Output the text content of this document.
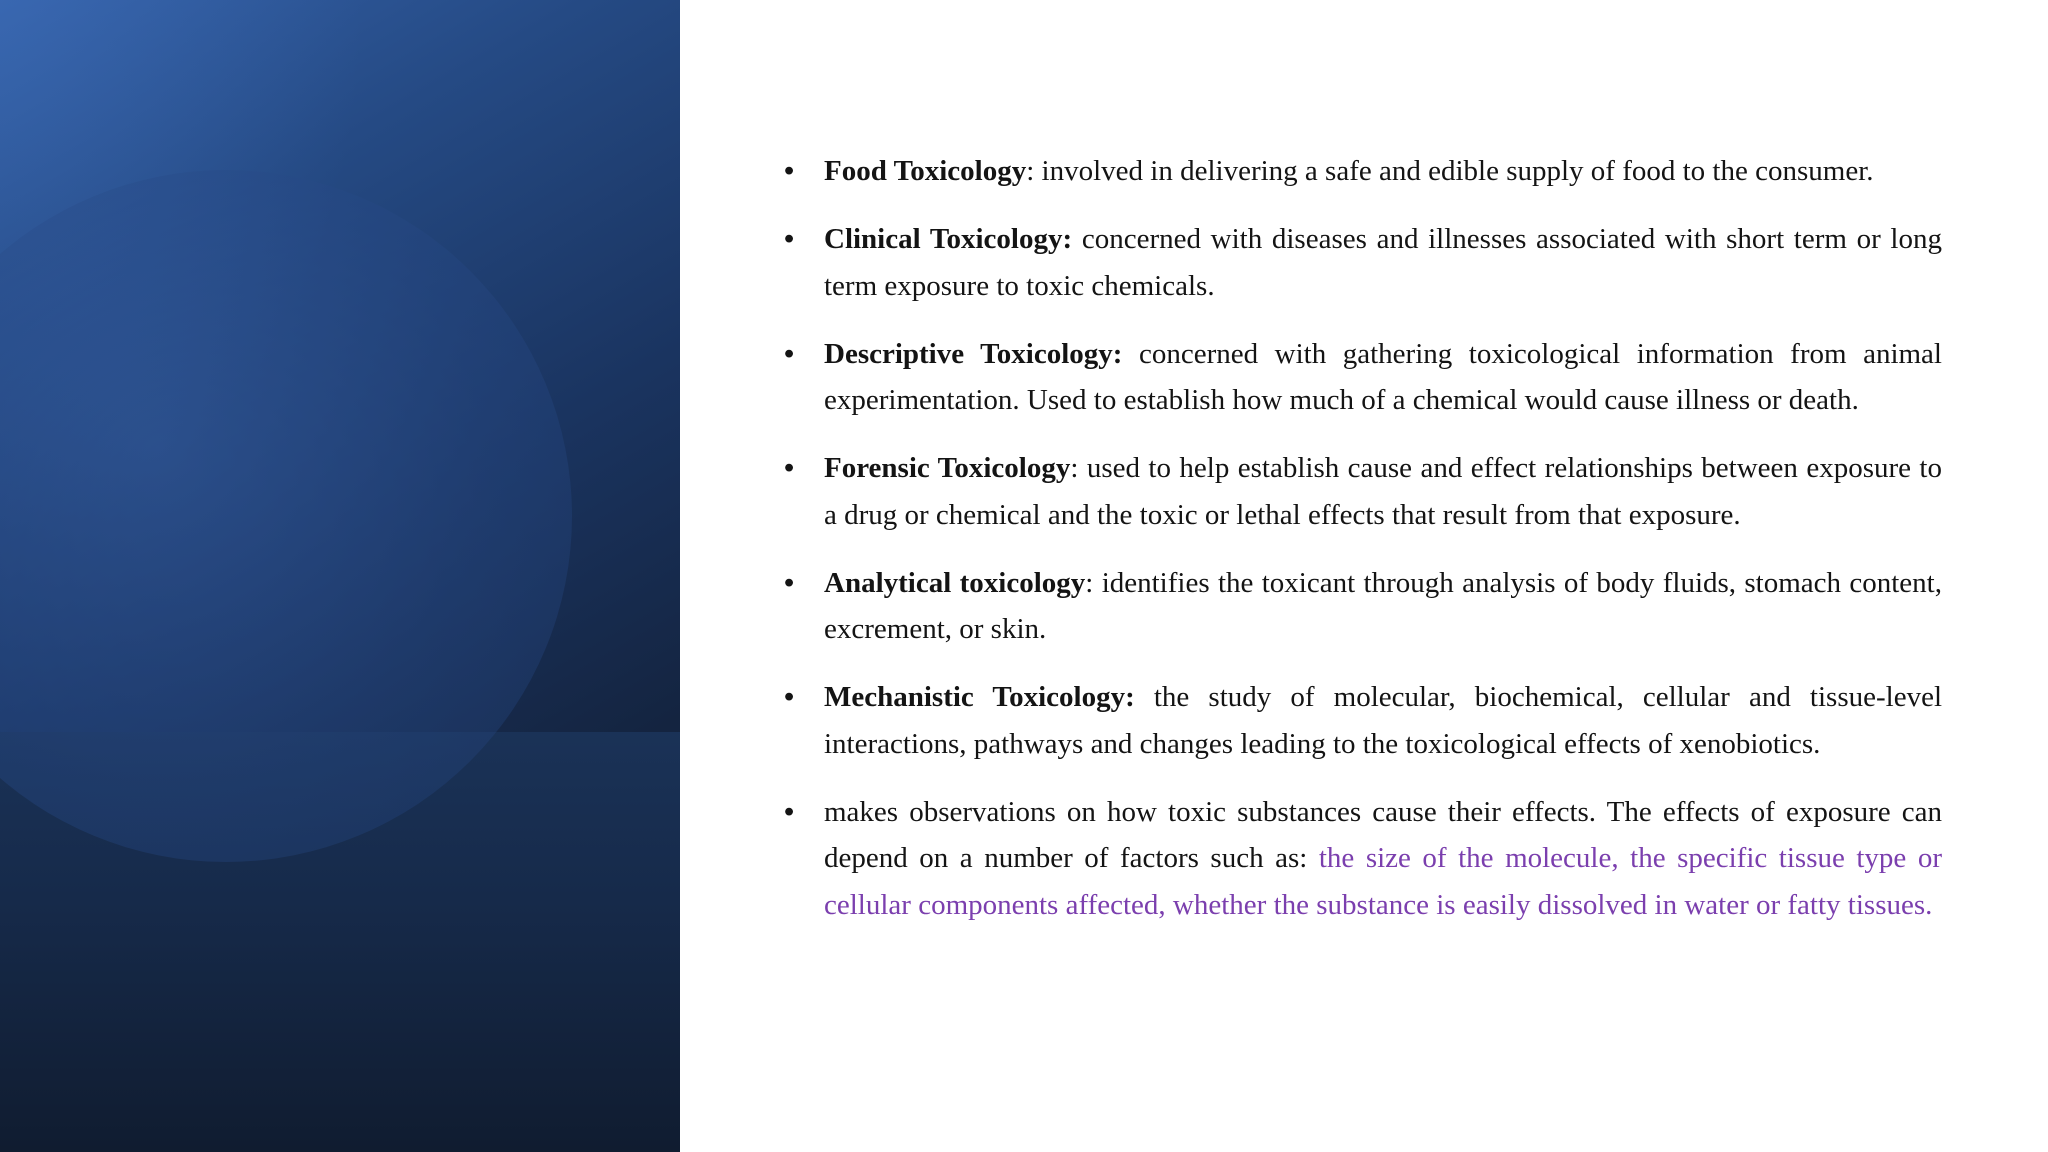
• Food Toxicology: involved in delivering a safe and edible supply of food to the consumer.
• Clinical Toxicology: concerned with diseases and illnesses associated with short term or long term exposure to toxic chemicals.
• Descriptive Toxicology: concerned with gathering toxicological information from animal experimentation. Used to establish how much of a chemical would cause illness or death.
• Forensic Toxicology: used to help establish cause and effect relationships between exposure to a drug or chemical and the toxic or lethal effects that result from that exposure.
• Analytical toxicology: identifies the toxicant through analysis of body fluids, stomach content, excrement, or skin.
• Mechanistic Toxicology: the study of molecular, biochemical, cellular and tissue-level interactions, pathways and changes leading to the toxicological effects of xenobiotics.
• makes observations on how toxic substances cause their effects. The effects of exposure can depend on a number of factors such as: the size of the molecule, the specific tissue type or cellular components affected, whether the substance is easily dissolved in water or fatty tissues.
